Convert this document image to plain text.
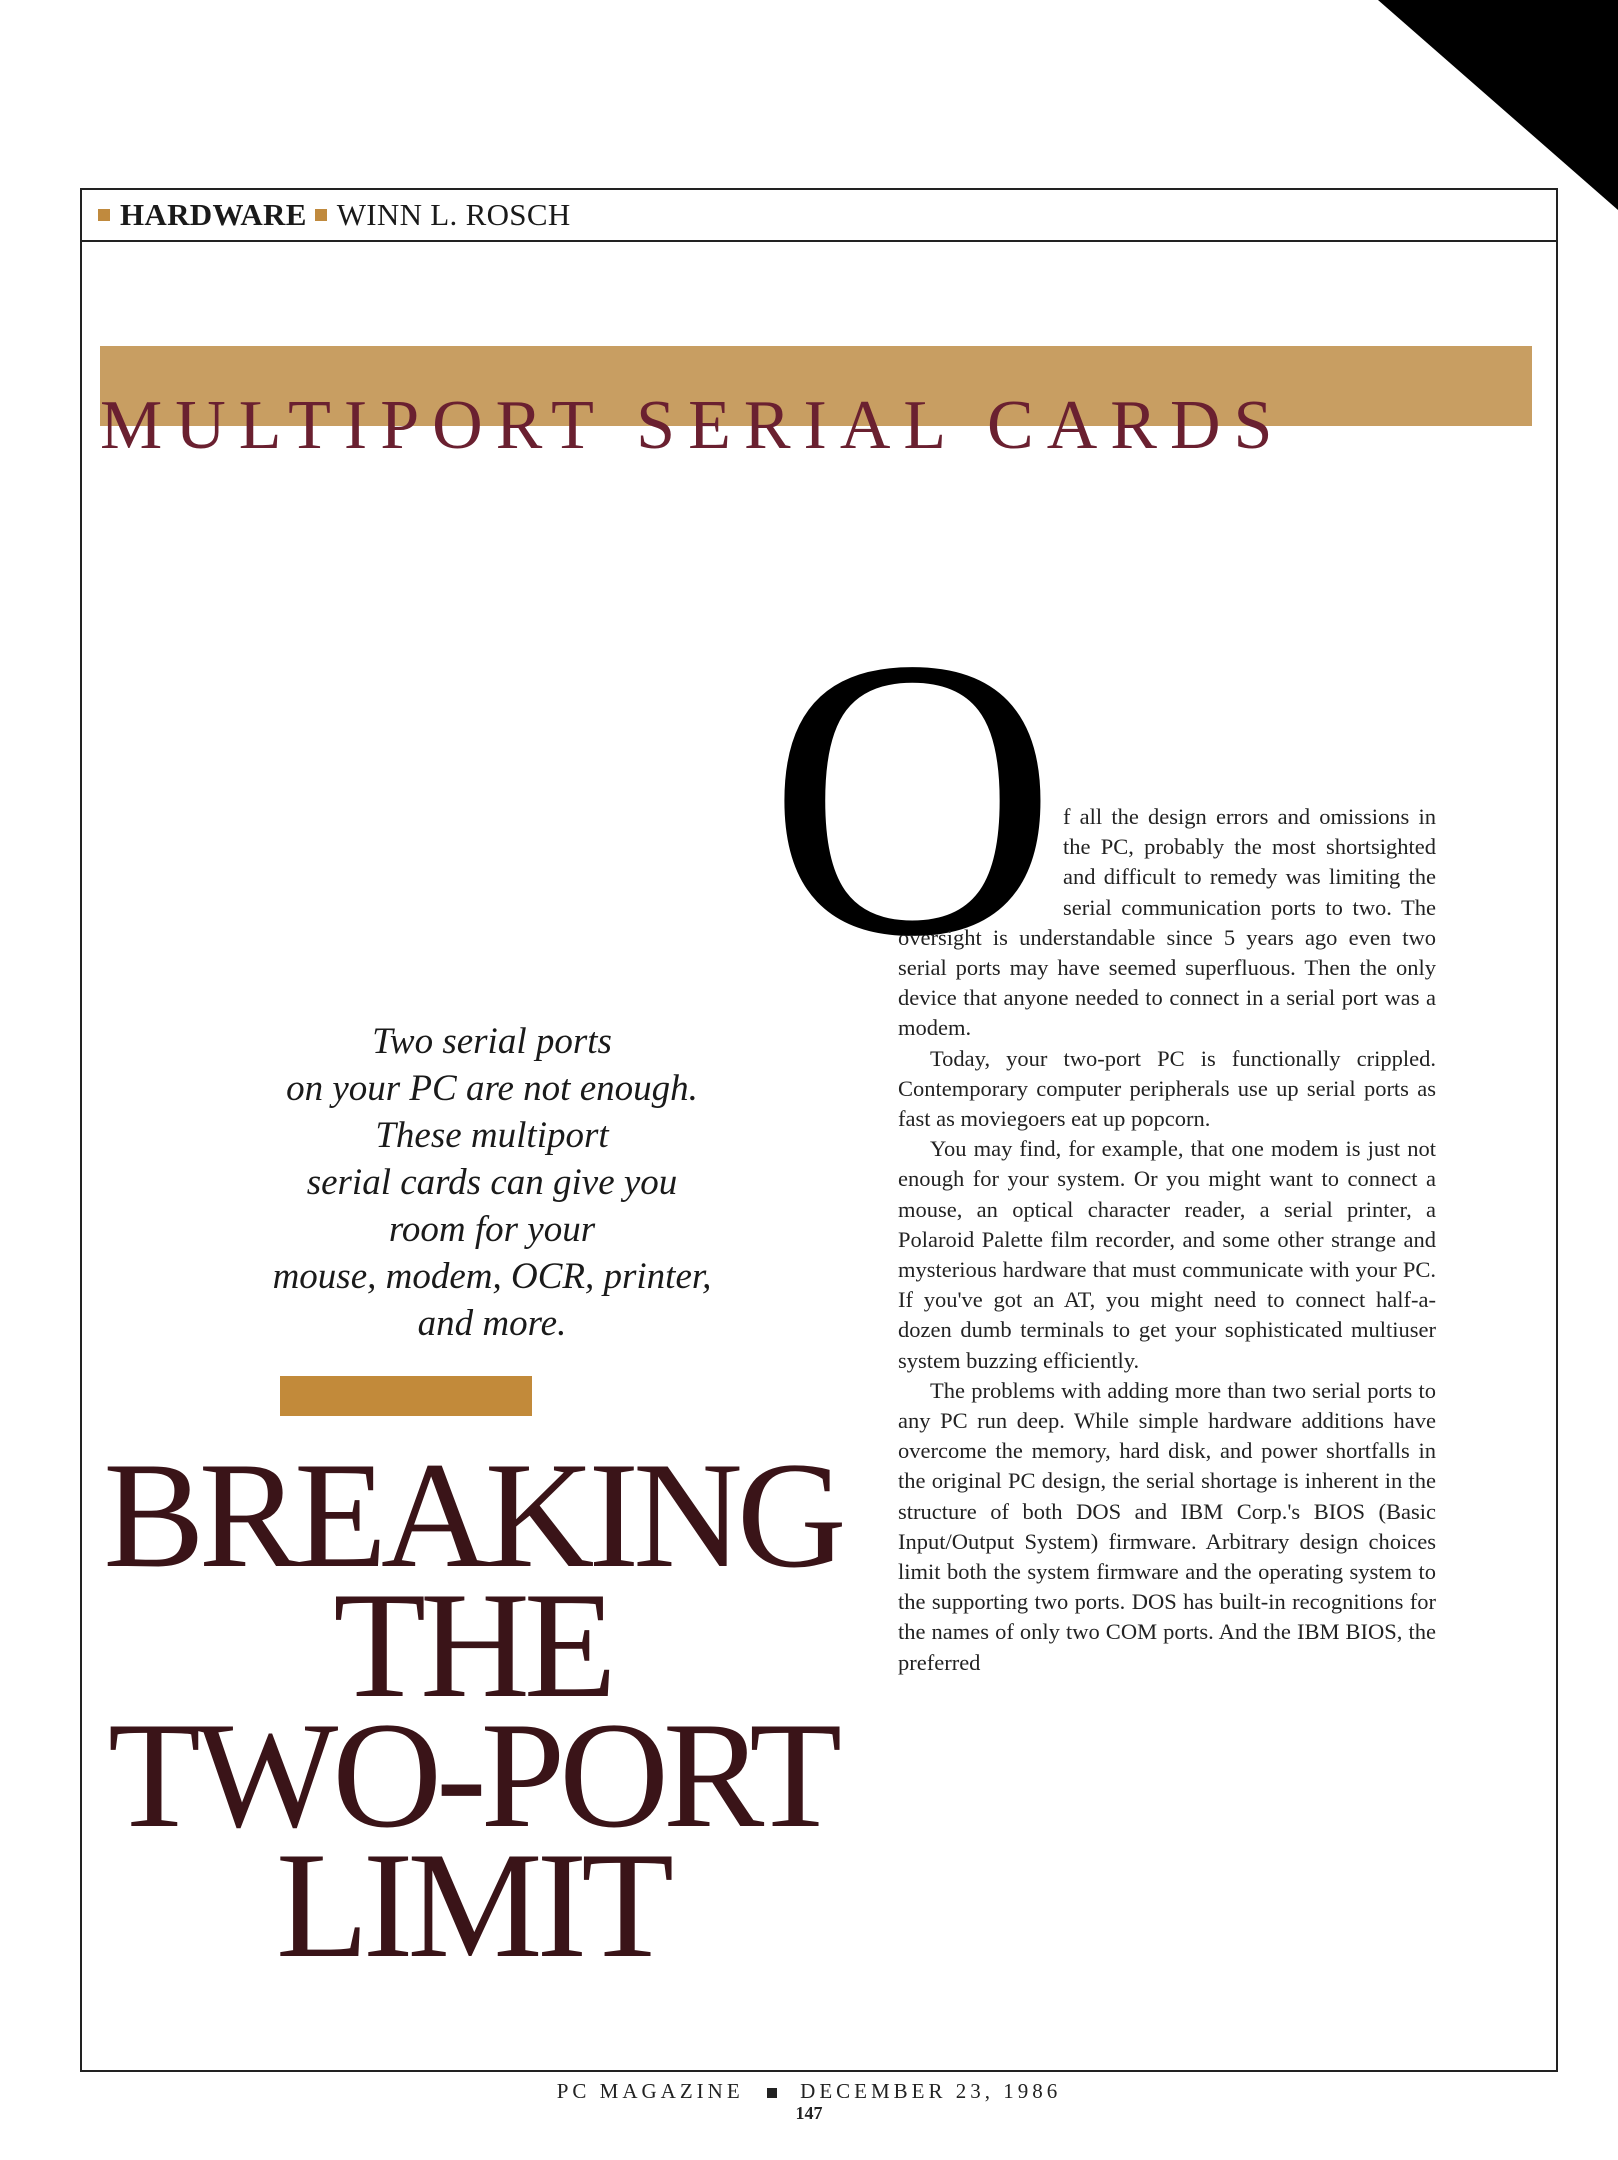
HARDWARE WINN L. ROSCH
MULTIPORT SERIAL CARDS
Two serial ports
on your PC are not enough.
These multiport
serial cards can give you
room for your
mouse, modem, OCR, printer,
and more.
BREAKING
THE
TWO-PORT
LIMIT
O f all the design errors and omissions in the PC, probably the most shortsighted and difficult to remedy was limiting the serial communication ports to two. The oversight is understandable since 5 years ago even two serial ports may have seemed superfluous. Then the only device that anyone needed to connect in a serial port was a modem.

Today, your two-port PC is functionally crippled. Contemporary computer peripherals use up serial ports as fast as moviegoers eat up popcorn.

You may find, for example, that one modem is just not enough for your system. Or you might want to connect a mouse, an optical character reader, a serial printer, a Polaroid Palette film recorder, and some other strange and mysterious hardware that must communicate with your PC. If you've got an AT, you might need to connect half-a-dozen dumb terminals to get your sophisticated multiuser system buzzing efficiently.

The problems with adding more than two serial ports to any PC run deep. While simple hardware additions have overcome the memory, hard disk, and power shortfalls in the original PC design, the serial shortage is inherent in the structure of both DOS and IBM Corp.'s BIOS (Basic Input/Output System) firmware. Arbitrary design choices limit both the system firmware and the operating system to the supporting two ports. DOS has built-in recognitions for the names of only two COM ports. And the IBM BIOS, the preferred

PC MAGAZINE	DECEMBER 23, 1986
147
